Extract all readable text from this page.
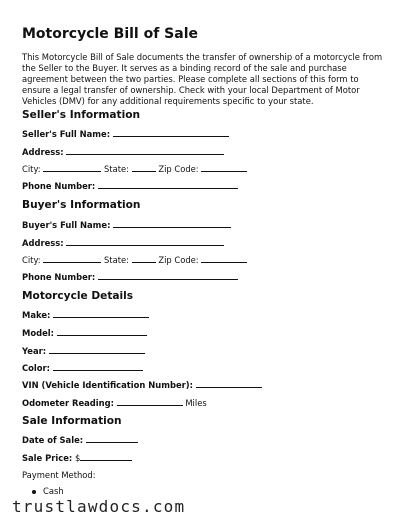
Motorcycle Bill of Sale

This Motorcycle Bill of Sale documents the transfer of ownership of a motorcycle from the Seller to the Buyer. It serves as a binding record of the sale and purchase agreement between the two parties. Please complete all sections of this form to ensure a legal transfer of ownership. Check with your local Department of Motor Vehicles (DMV) for any additional requirements specific to your state.

Seller's Information
Seller's Full Name:
Address:
City:	State:	Zip Code:
Phone Number:
Buyer's Information
Buyer's Full Name:
Address:
City:	State:	Zip Code:
Phone Number:
Motorcycle Details
Make:
Model:
Year:
Color:
VIN (Vehicle Identification Number):
Odometer Reading:	Miles
Sale Information
Date of Sale:
Sale Price: $
Payment Method:
Cash
trustlawdocs.com
